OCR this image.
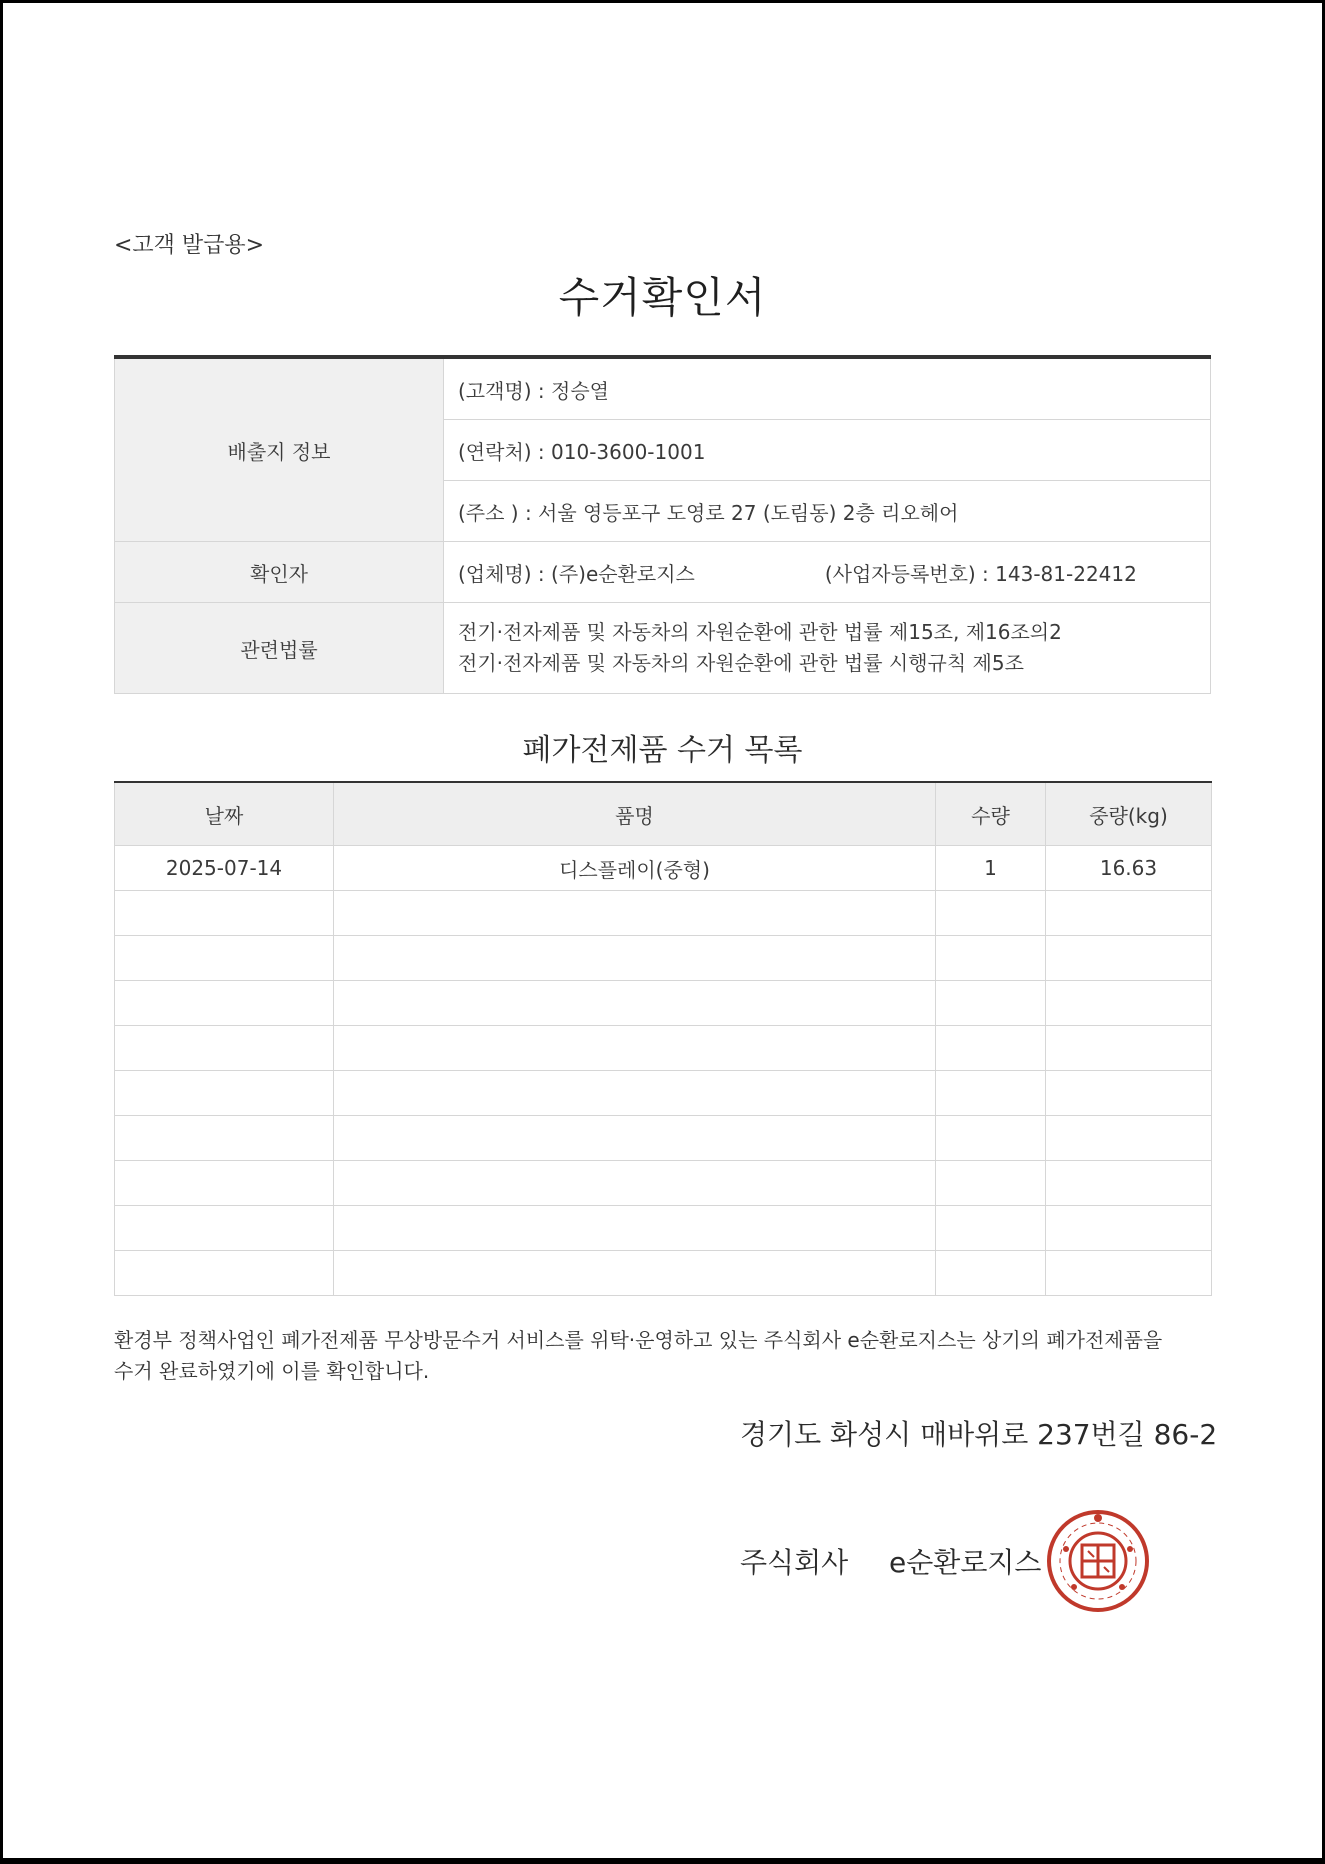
<고객 발급용>
수거확인서
배출지 정보	(고객명) : 정승열
	(연락처) : 010-3600-1001
	(주소 ) : 서울 영등포구 도영로 27 (도림동) 2층 리오헤어
확인자	(업체명) : (주)e순환로지스 (사업자등록번호) : 143-81-22412
관련법률	전기·전자제품 및 자동차의 자원순환에 관한 법률 제15조, 제16조의2
전기·전자제품 및 자동차의 자원순환에 관한 법률 시행규칙 제5조
폐가전제품 수거 목록
날짜	품명	수량	중량(kg)
2025-07-14	디스플레이(중형)	1	16.63

환경부 정책사업인 폐가전제품 무상방문수거 서비스를 위탁·운영하고 있는 주식회사 e순환로지스는 상기의 폐가전제품을
수거 완료하였기에 이를 확인합니다.
경기도 화성시 매바위로 237번길 86-2
주식회사 e순환로지스
